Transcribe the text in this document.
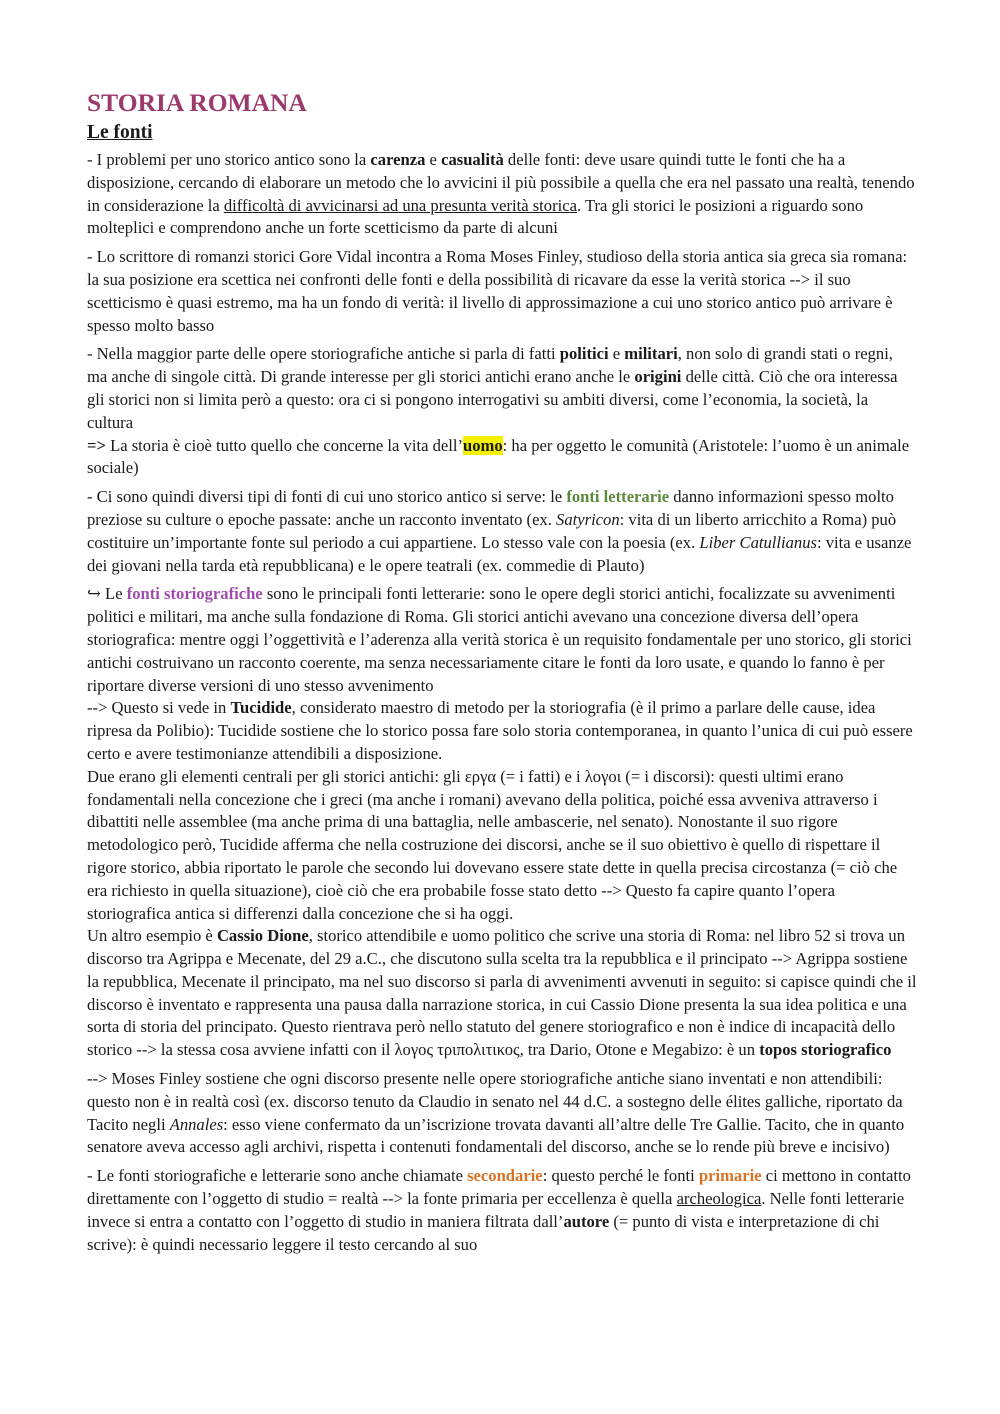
STORIA ROMANA
Le fonti

- I problemi per uno storico antico sono la carenza e casualità delle fonti: deve usare quindi tutte le fonti che ha a disposizione, cercando di elaborare un metodo che lo avvicini il più possibile a quella che era nel passato una realtà, tenendo in considerazione la difficoltà di avvicinarsi ad una presunta verità storica. Tra gli storici le posizioni a riguardo sono molteplici e comprendono anche un forte scetticismo da parte di alcuni

- Lo scrittore di romanzi storici Gore Vidal incontra a Roma Moses Finley, studioso della storia antica sia greca sia romana: la sua posizione era scettica nei confronti delle fonti e della possibilità di ricavare da esse la verità storica --> il suo scetticismo è quasi estremo, ma ha un fondo di verità: il livello di approssimazione a cui uno storico antico può arrivare è spesso molto basso

- Nella maggior parte delle opere storiografiche antiche si parla di fatti politici e militari, non solo di grandi stati o regni, ma anche di singole città. Di grande interesse per gli storici antichi erano anche le origini delle città. Ciò che ora interessa gli storici non si limita però a questo: ora ci si pongono interrogativi su ambiti diversi, come l’economia, la società, la cultura

=> La storia è cioè tutto quello che concerne la vita dell’uomo: ha per oggetto le comunità (Aristotele: l’uomo è un animale sociale)

- Ci sono quindi diversi tipi di fonti di cui uno storico antico si serve: le fonti letterarie danno informazioni spesso molto preziose su culture o epoche passate: anche un racconto inventato (ex. Satyricon: vita di un liberto arricchito a Roma) può costituire un’importante fonte sul periodo a cui appartiene. Lo stesso vale con la poesia (ex. Liber Catullianus: vita e usanze dei giovani nella tarda età repubblicana) e le opere teatrali (ex. commedie di Plauto)

↪ Le fonti storiografiche sono le principali fonti letterarie: sono le opere degli storici antichi, focalizzate su avvenimenti politici e militari, ma anche sulla fondazione di Roma. Gli storici antichi avevano una concezione diversa dell’opera storiografica: mentre oggi l’oggettività e l’aderenza alla verità storica è un requisito fondamentale per uno storico, gli storici antichi costruivano un racconto coerente, ma senza necessariamente citare le fonti da loro usate, e quando lo fanno è per riportare diverse versioni di uno stesso avvenimento

--> Questo si vede in Tucidide, considerato maestro di metodo per la storiografia (è il primo a parlare delle cause, idea ripresa da Polibio): Tucidide sostiene che lo storico possa fare solo storia contemporanea, in quanto l’unica di cui può essere certo e avere testimonianze attendibili a disposizione.

Due erano gli elementi centrali per gli storici antichi: gli εργα (= i fatti) e i λογοι (= i discorsi): questi ultimi erano fondamentali nella concezione che i greci (ma anche i romani) avevano della politica, poiché essa avveniva attraverso i dibattiti nelle assemblee (ma anche prima di una battaglia, nelle ambascerie, nel senato). Nonostante il suo rigore metodologico però, Tucidide afferma che nella costruzione dei discorsi, anche se il suo obiettivo è quello di rispettare il rigore storico, abbia riportato le parole che secondo lui dovevano essere state dette in quella precisa circostanza (= ciò che era richiesto in quella situazione), cioè ciò che era probabile fosse stato detto --> Questo fa capire quanto l’opera storiografica antica si differenzi dalla concezione che si ha oggi.

Un altro esempio è Cassio Dione, storico attendibile e uomo politico che scrive una storia di Roma: nel libro 52 si trova un discorso tra Agrippa e Mecenate, del 29 a.C., che discutono sulla scelta tra la repubblica e il principato --> Agrippa sostiene la repubblica, Mecenate il principato, ma nel suo discorso si parla di avvenimenti avvenuti in seguito: si capisce quindi che il discorso è inventato e rappresenta una pausa dalla narrazione storica, in cui Cassio Dione presenta la sua idea politica e una sorta di storia del principato. Questo rientrava però nello statuto del genere storiografico e non è indice di incapacità dello storico --> la stessa cosa avviene infatti con il λογος τριπολιτικος, tra Dario, Otone e Megabizo: è un topos storiografico

--> Moses Finley sostiene che ogni discorso presente nelle opere storiografiche antiche siano inventati e non attendibili: questo non è in realtà così (ex. discorso tenuto da Claudio in senato nel 44 d.C. a sostegno delle élites galliche, riportato da Tacito negli Annales: esso viene confermato da un’iscrizione trovata davanti all’altre delle Tre Gallie. Tacito, che in quanto senatore aveva accesso agli archivi, rispetta i contenuti fondamentali del discorso, anche se lo rende più breve e incisivo)

- Le fonti storiografiche e letterarie sono anche chiamate secondarie: questo perché le fonti primarie ci mettono in contatto direttamente con l’oggetto di studio = realtà --> la fonte primaria per eccellenza è quella archeologica. Nelle fonti letterarie invece si entra a contatto con l’oggetto di studio in maniera filtrata dall’autore (= punto di vista e interpretazione di chi scrive): è quindi necessario leggere il testo cercando al suo
